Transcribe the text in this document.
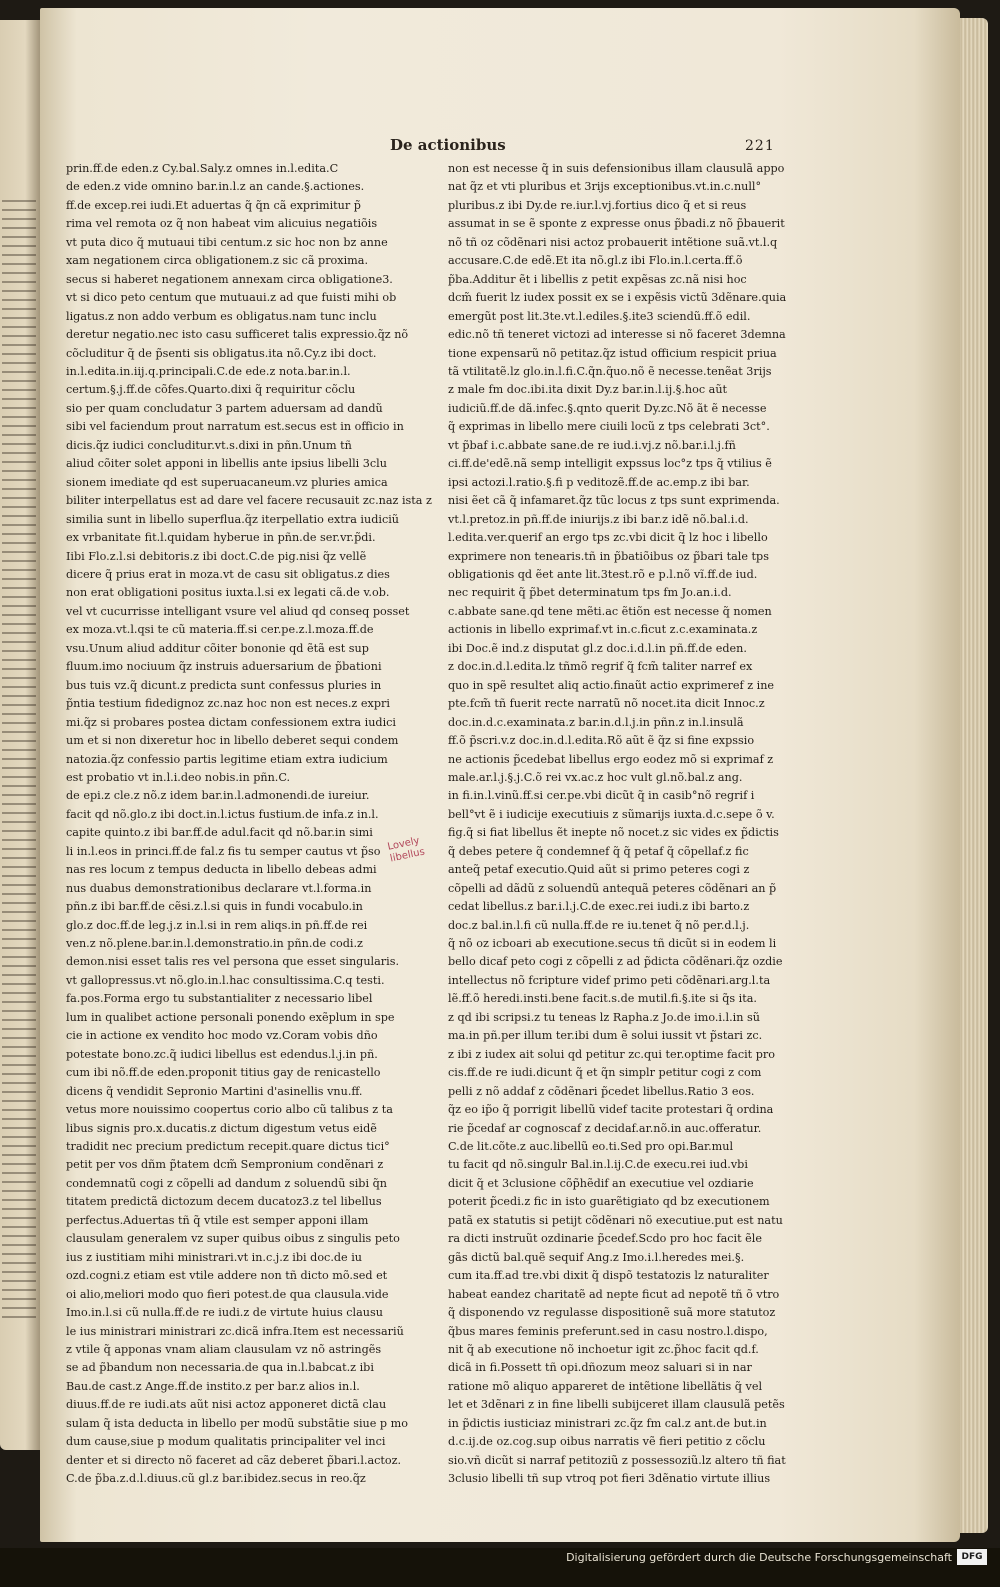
De actionibus	221
prin.ff.de eden.z Cy.bal.Saly.z omnes in.l.edita.C
de eden.z vide omnino bar.in.l.z an cande.§.actiones.
ff.de excep.rei iudi.Et aduertas q̃ q̃n cã exprimitur p̃
rima vel remota oz q̃ non habeat vim alicuius negatiõis
vt puta dico q̃ mutuaui tibi centum.z sic hoc non bz anne
xam negationem circa obligationem.z sic cã proxima.
secus si haberet negationem annexam circa obligatione3.
vt si dico peto centum que mutuaui.z ad que fuisti mihi ob
ligatus.z non addo verbum es obligatus.nam tunc inclu
deretur negatio.nec isto casu sufficeret talis expressio.q̃z nõ
cõcluditur q̃ de p̃senti sis obligatus.ita nõ.Cy.z ibi doct.
in.l.edita.in.iij.q.principali.C.de ede.z nota.bar.in.l.
certum.§.j.ff.de cõfes.Quarto.dixi q̃ requiritur cõclu
sio per quam concludatur 3 partem aduersam ad dandũ
sibi vel faciendum prout narratum est.secus est in officio in
dicis.q̃z iudici concluditur.vt.s.dixi in pñn.Unum tñ
aliud cõiter solet apponi in libellis ante ipsius libelli 3clu
sionem imediate qd est superuacaneum.vz pluries amica
biliter interpellatus est ad dare vel facere recusauit zc.naz ista z
similia sunt in libello superflua.q̃z iterpellatio extra iudiciũ
ex vrbanitate fit.l.quidam hyberue in pñn.de ser.vr.p̃di.
Iibi Flo.z.l.si debitoris.z ibi doct.C.de pig.nisi q̃z vellẽ
dicere q̃ prius erat in moza.vt de casu sit obligatus.z dies
non erat obligationi positus iuxta.l.si ex legati cã.de v.ob.
vel vt cucurrisse intelligant vsure vel aliud qd conseq posset
ex moza.vt.l.qsi te cũ materia.ff.si cer.pe.z.l.moza.ff.de
vsu.Unum aliud additur cõiter bononie qd ẽtã est sup
fluum.imo nociuum q̃z instruis aduersarium de p̃bationi
bus tuis vz.q̃ dicunt.z predicta sunt confessus pluries in
p̃ntia testium fidedignoz zc.naz hoc non est neces.z expri
mi.q̃z si probares postea dictam confessionem extra iudici
um et si non dixeretur hoc in libello deberet sequi condem
natozia.q̃z confessio partis legitime etiam extra iudicium
est probatio vt in.l.i.deo nobis.in pñn.C.
de epi.z cle.z nõ.z idem bar.in.l.admonendi.de iureiur.
facit qd nõ.glo.z ibi doct.in.l.ictus fustium.de infa.z in.l.
capite quinto.z ibi bar.ff.de adul.facit qd nõ.bar.in simi
li in.l.eos in princi.ff.de fal.z fis tu semper cautus vt p̃so
nas res locum z tempus deducta in libello debeas admi
nus duabus demonstrationibus declarare vt.l.forma.in
pñn.z ibi bar.ff.de cẽsi.z.l.si quis in fundi vocabulo.in
glo.z doc.ff.de leg.j.z in.l.si in rem aliqs.in pñ.ff.de rei
ven.z nõ.plene.bar.in.l.demonstratio.in pñn.de codi.z
demon.nisi esset talis res vel persona que esset singularis.
vt gallopressus.vt nõ.glo.in.l.hac consultissima.C.q testi.
fa.pos.Forma ergo tu substantialiter z necessario libel
lum in qualibet actione personali ponendo exẽplum in spe
cie in actione ex vendito hoc modo vz.Coram vobis dño
potestate bono.zc.q̃ iudici libellus est edendus.l.j.in pñ.
cum ibi nõ.ff.de eden.proponit titius gay de renicastello
dicens q̃ vendidit Sepronio Martini d'asinellis vnu.ff.
vetus more nouissimo coopertus corio albo cũ talibus z ta
libus signis pro.x.ducatis.z dictum digestum vetus eidẽ
tradidit nec precium predictum recepit.quare dictus tici°
petit per vos dñm p̃tatem dcm̃ Sempronium condẽnari z
condemnatũ cogi z cõpelli ad dandum z soluendũ sibi q̃n
titatem predictã dictozum decem ducatoz3.z tel libellus
perfectus.Aduertas tñ q̃ vtile est semper apponi illam
clausulam generalem vz super quibus oibus z singulis peto
ius z iustitiam mihi ministrari.vt in.c.j.z ibi doc.de iu
ozd.cogni.z etiam est vtile addere non tñ dicto mõ.sed et
oi alio,meliori modo quo fieri potest.de qua clausula.vide
Imo.in.l.si cũ nulla.ff.de re iudi.z de virtute huius clausu
le ius ministrari ministrari zc.dicã infra.Item est necessariũ
z vtile q̃ apponas vnam aliam clausulam vz nõ astringẽs
se ad p̃bandum non necessaria.de qua in.l.babcat.z ibi
Bau.de cast.z Ange.ff.de instito.z per bar.z alios in.l.
diuus.ff.de re iudi.ats aũt nisi actoz apponeret dictã clau
sulam q̃ ista deducta in libello per modũ substãtie siue p mo
dum cause,siue p modum qualitatis principaliter vel inci
denter et si directo nõ faceret ad cãz deberet p̃bari.l.actoz.
C.de p̃ba.z.d.l.diuus.cũ gl.z bar.ibidez.secus in reo.q̃z
non est necesse q̃ in suis defensionibus illam clausulã appo
nat q̃z et vti pluribus et 3rijs exceptionibus.vt.in.c.null°
pluribus.z ibi Dy.de re.iur.l.vj.fortius dico q̃ et si reus
assumat in se ẽ sponte z expresse onus p̃badi.z nõ p̃bauerit
nõ tñ oz cõdẽnari nisi actoz probauerit intẽtione suã.vt.l.q
accusare.C.de edẽ.Et ita nõ.gl.z ibi Flo.in.l.certa.ff.õ
p̃ba.Additur ẽt i libellis z petit expẽsas zc.nã nisi hoc
dcm̃ fuerit lz iudex possit ex se i expẽsis victũ 3dẽnare.quia
emergũt post lit.3te.vt.l.ediles.§.ite3 sciendũ.ff.õ edil.
edic.nõ tñ teneret victozi ad interesse si nõ faceret 3demna
tione expensarũ nõ petitaz.q̃z istud officium respicit priua
tã vtilitatẽ.lz glo.in.l.fi.C.q̃n.q̃uo.nõ ẽ necesse.tenẽat 3rijs
z male fm doc.ibi.ita dixit Dy.z bar.in.l.ij.§.hoc aũt
iudiciũ.ff.de dã.infec.§.qnto querit Dy.zc.Nõ ãt ẽ necesse
q̃ exprimas in libello mere ciuili locũ z tps celebrati 3ct°.
vt p̃baf i.c.abbate sane.de re iud.i.vj.z nõ.bar.i.l.j.fñ
ci.ff.de'edẽ.nã semp intelligit expssus loc°z tps q̃ vtilius ẽ
ipsi actozi.l.ratio.§.fi p veditozẽ.ff.de ac.emp.z ibi bar.
nisi ẽet cã q̃ infamaret.q̃z tũc locus z tps sunt exprimenda.
vt.l.pretoz.in pñ.ff.de iniurijs.z ibi bar.z idẽ nõ.bal.i.d.
l.edita.ver.querif an ergo tps zc.vbi dicit q̃ lz hoc i libello
exprimere non tenearis.tñ in p̃batiõibus oz p̃bari tale tps
obligationis qd ẽet ante lit.3test.rõ e p.l.nõ vĩ.ff.de iud.
nec requirit q̃ p̃bet determinatum tps fm Jo.an.i.d.
c.abbate sane.qd tene mẽti.ac ẽtiõn est necesse q̃ nomen
actionis in libello exprimaf.vt in.c.ficut z.c.examinata.z
ibi Doc.ẽ ind.z disputat gl.z doc.i.d.l.in pñ.ff.de eden.
z doc.in.d.l.edita.lz tñmõ regrif q̃ fcm̃ taliter narref ex
quo in spẽ resultet aliq actio.finaũt actio exprimeref z ine
pte.fcm̃ tñ fuerit recte narratũ nõ nocet.ita dicit Innoc.z
doc.in.d.c.examinata.z bar.in.d.l.j.in pñn.z in.l.insulã
ff.õ p̃scri.v.z doc.in.d.l.edita.Rõ aũt ẽ q̃z si fine expssio
ne actionis p̃cedebat libellus ergo eodez mõ si exprimaf z
male.ar.l.j.§.j.C.õ rei vx.ac.z hoc vult gl.nõ.bal.z ang.
in fi.in.l.vinũ.ff.si cer.pe.vbi dicũt q̃ in casib°nõ regrif i
bell°vt ẽ i iudicije executiuis z sũmarijs iuxta.d.c.sepe õ v.
fig.q̃ si fiat libellus ẽt inepte nõ nocet.z sic vides ex p̃dictis
q̃ debes petere q̃ condemnef q̃ q̃ petaf q̃ cõpellaf.z fic
anteq̃ petaf executio.Quid aũt si primo peteres cogi z
cõpelli ad dãdũ z soluendũ antequã peteres cõdẽnari an p̃
cedat libellus.z bar.i.l.j.C.de exec.rei iudi.z ibi barto.z
doc.z bal.in.l.fi cũ nulla.ff.de re iu.tenet q̃ nõ per.d.l.j.
q̃ nõ oz icboari ab executione.secus tñ dicũt si in eodem li
bello dicaf peto cogi z cõpelli z ad p̃dicta cõdẽnari.q̃z ozdie
intellectus nõ fcripture videf primo peti cõdẽnari.arg.l.ta
lẽ.ff.õ heredi.insti.bene facit.s.de mutil.fi.§.ite si q̃s ita.
z qd ibi scripsi.z tu teneas lz Rapha.z Jo.de imo.i.l.in sũ
ma.in pñ.per illum ter.ibi dum ẽ solui iussit vt p̃stari zc.
z ibi z iudex ait solui qd petitur zc.qui ter.optime facit pro
cis.ff.de re iudi.dicunt q̃ et q̃n simplr petitur cogi z com
pelli z nõ addaf z cõdẽnari p̃cedet libellus.Ratio 3 eos.
q̃z eo ip̃o q̃ porrigit libellũ videf tacite protestari q̃ ordina
rie p̃cedaf ar cognoscaf z decidaf.ar.nõ.in auc.offeratur.
C.de lit.cõte.z auc.libellũ eo.ti.Sed pro opi.Bar.mul
tu facit qd nõ.singulr Bal.in.l.ij.C.de execu.rei iud.vbi
dicit q̃ et 3clusione cõp̃hẽdif an executiue vel ozdiarie
poterit p̃cedi.z fic in isto guarẽtigiato qd bz executionem
patã ex statutis si petijt cõdẽnari nõ executiue.put est natu
ra dicti instruũt ozdinarie p̃cedef.Scdo pro hoc facit ẽle
gãs dictũ bal.quẽ sequif Ang.z Imo.i.l.heredes mei.§.
cum ita.ff.ad tre.vbi dixit q̃ dispõ testatozis lz naturaliter
habeat eandez charitatẽ ad nepte ficut ad nepotẽ tñ õ vtro
q̃ disponendo vz regulasse dispositionẽ suã more statutoz
q̃bus mares feminis preferunt.sed in casu nostro.l.dispo,
nit q̃ ab executione nõ inchoetur igit zc.p̃hoc facit qd.f.
dicã in fi.Possett tñ opi.dñozum meoz saluari si in nar
ratione mõ aliquo appareret de intẽtione libellãtis q̃ vel
let et 3dẽnari z in fine libelli subijceret illam clausulã petẽs
in p̃dictis iusticiaz ministrari zc.q̃z fm cal.z ant.de but.in
d.c.ij.de oz.cog.sup oibus narratis vẽ fieri petitio z cõclu
sio.vñ dicũt si narraf petitoziũ z possessoziũ.lz altero tñ fiat
3clusio libelli tñ sup vtroq pot fieri 3dẽnatio virtute illius
Lovely libellus
Digitalisierung gefördert durch die Deutsche Forschungsgemeinschaft	DFG
